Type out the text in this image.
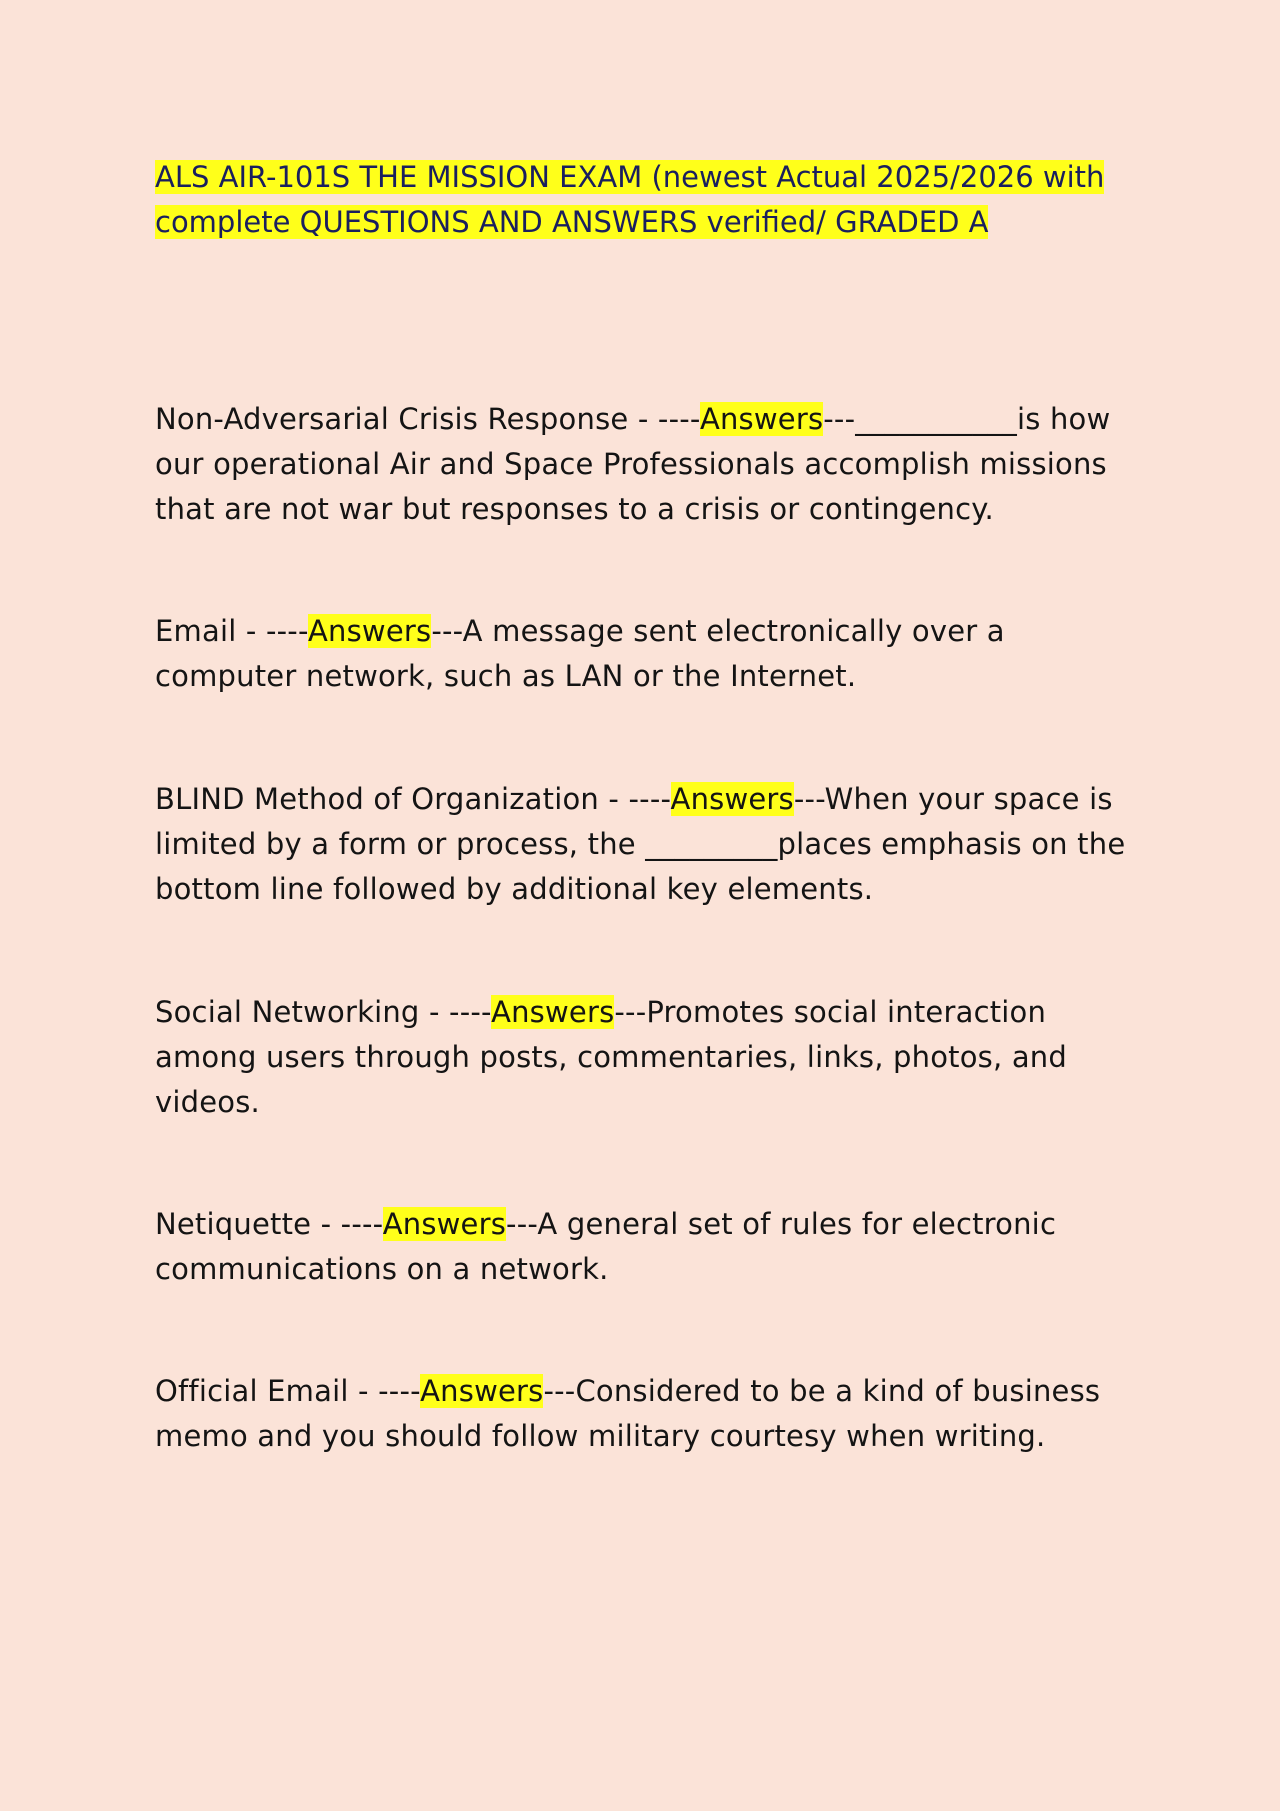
ALS AIR-101S THE MISSION EXAM (newest Actual 2025/2026 with complete QUESTIONS AND ANSWERS verified/ GRADED A

Non-Adversarial Crisis Response - ----Answers---___________is how our operational Air and Space Professionals accomplish missions that are not war but responses to a crisis or contingency.

Email - ----Answers---A message sent electronically over a computer network, such as LAN or the Internet.

BLIND Method of Organization - ----Answers---When your space is limited by a form or process, the _________places emphasis on the bottom line followed by additional key elements.

Social Networking - ----Answers---Promotes social interaction among users through posts, commentaries, links, photos, and videos.

Netiquette - ----Answers---A general set of rules for electronic communications on a network.

Official Email - ----Answers---Considered to be a kind of business memo and you should follow military courtesy when writing.
